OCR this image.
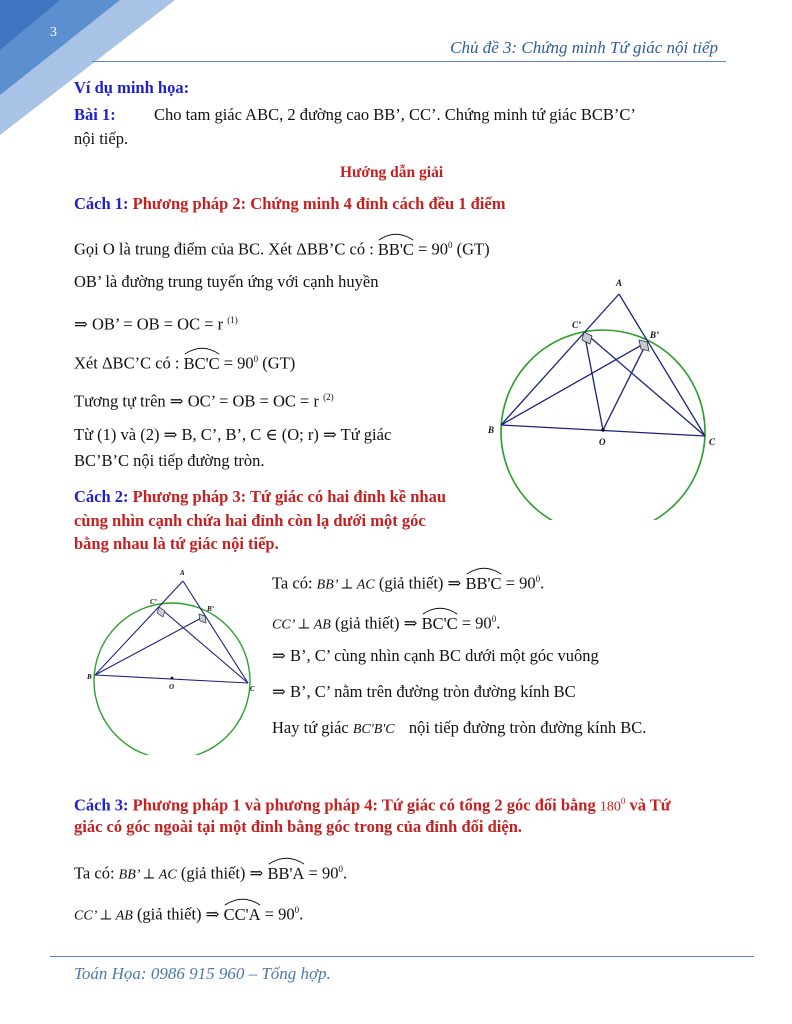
3
Chủ đề 3: Chứng minh Tứ giác nội tiếp
Ví dụ minh họa:
Bài 1: Cho tam giác ABC, 2 đường cao BB’, CC’. Chứng minh tứ giác BCB’C’
nội tiếp.
Hướng dẫn giải
Cách 1: Phương pháp 2: Chứng minh 4 đỉnh cách đều 1 điểm
Gọi O là trung điểm của BC. Xét ΔBB’C có : $BB'C = 90^0$ (GT)
OB’ là đường trung tuyến ứng với cạnh huyền
⇒ OB’ = OB = OC = r $^{(1)}$
Xét ΔBC’C có : $BC'C = 90^0$ (GT)
Tương tự trên ⇒ OC’ = OB = OC = r $^{(2)}$
Từ (1) và (2) ⇒ B, C’, B’, C ∈ (O; r) ⇒ Tứ giác
BC’B’C nội tiếp đường tròn.
A
B
C
O
B’
C’
Cách 2: Phương pháp 3: Tứ giác có hai đỉnh kề nhau
cùng nhìn cạnh chứa hai đỉnh còn lạ dưới một góc
bằng nhau là tứ giác nội tiếp.
A
B
C
O
B’
C’
Ta có: BB’ ⊥ AC (giả thiết) ⇒ $BB'C = 90^0$.
CC’ ⊥ AB (giả thiết) ⇒ $BC'C = 90^0$.
⇒ B’, C’ cùng nhìn cạnh BC dưới một góc vuông
⇒ B’, C’ nằm trên đường tròn đường kính BC
Hay tứ giác BC'B'C nội tiếp đường tròn đường kính BC.
Cách 3: Phương pháp 1 và phương pháp 4: Tứ giác có tổng 2 góc đối bằng $180^0$ và Tứ
giác có góc ngoài tại một đỉnh bằng góc trong của đỉnh đối diện.
Ta có: BB’ ⊥ AC (giả thiết) ⇒ $BB'A = 90^0$.
CC’ ⊥ AB (giả thiết) ⇒ $CC'A = 90^0$.
Toán Họa: 0986 915 960 – Tổng hợp.
